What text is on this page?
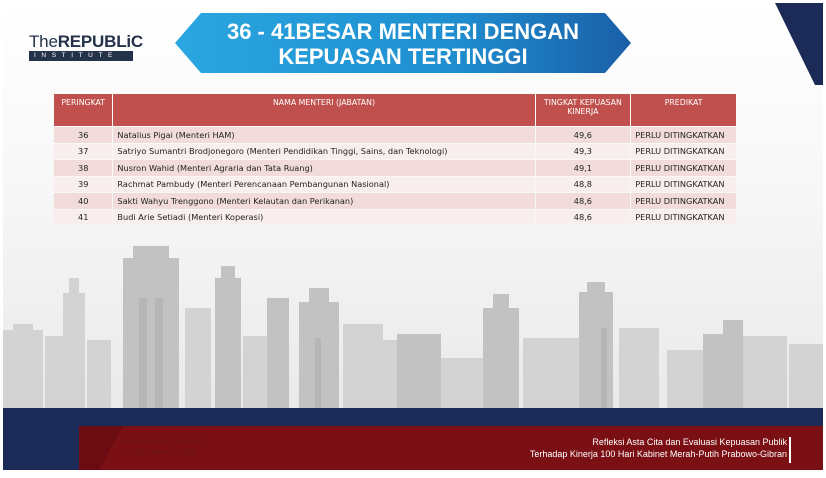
TheREPUBLiC
INSTITUTE
36 - 41BESAR MENTERI DENGAN
KEPUASAN TERTINGGI
PERINGKAT	NAMA MENTERI (JABATAN)	TINGKAT KEPUASAN KINERJA	PREDIKAT
36	Natalius Pigai (Menteri HAM)	49,6	PERLU DITINGKATKAN
37	Satriyo Sumantri Brodjonegoro (Menteri Pendidikan Tinggi, Sains, dan Teknologi)	49,3	PERLU DITINGKATKAN
38	Nusron Wahid (Menteri Agraria dan Tata Ruang)	49,1	PERLU DITINGKATKAN
39	Rachmat Pambudy (Menteri Perencanaan Pembangunan Nasional)	48,8	PERLU DITINGKATKAN
40	Sakti Wahyu Trenggono (Menteri Kelautan dan Perikanan)	48,6	PERLU DITINGKATKAN
41	Budi Arie Setiadi (Menteri Koperasi)	48,6	PERLU DITINGKATKAN
Hasil Survei Nasional
10-25 Januari 2024
Refleksi Asta Cita dan Evaluasi Kepuasan Publik
Terhadap Kinerja 100 Hari Kabinet Merah-Putih Prabowo-Gibran
